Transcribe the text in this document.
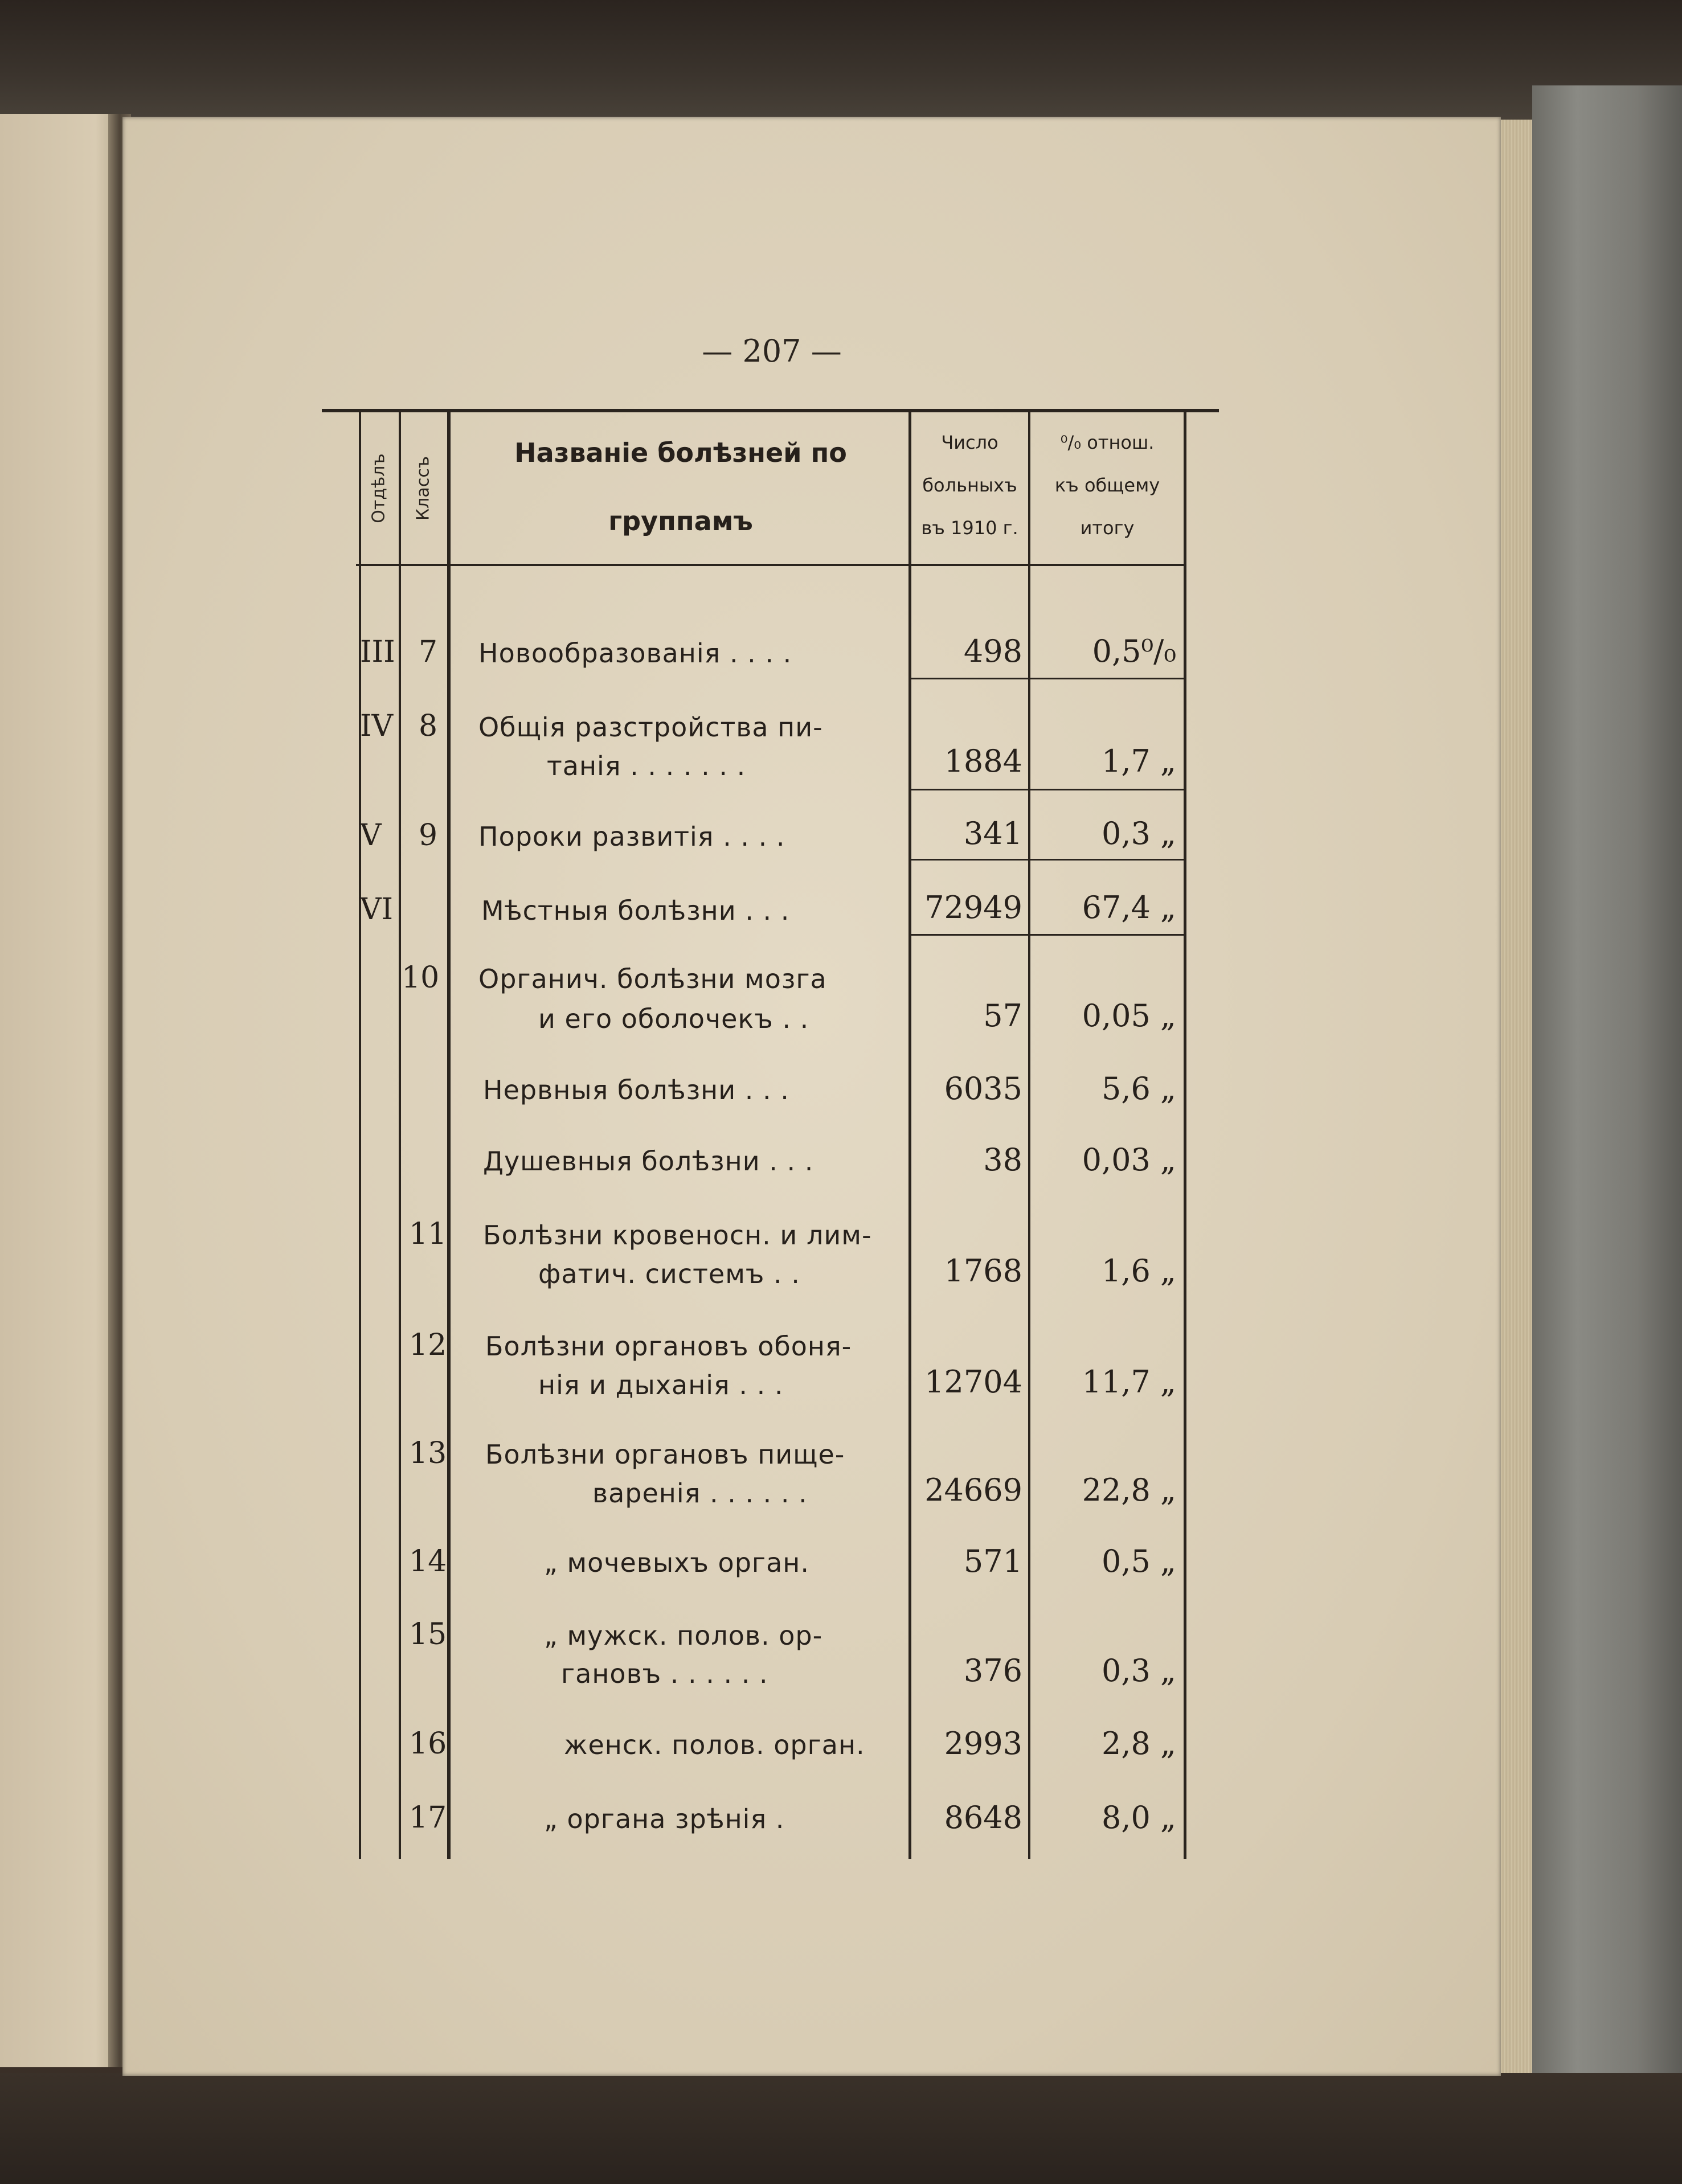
— 207 —
Отдѣлъ Классъ
Названіе болѣзней по
группамъ
Число
больныхъ
въ 1910 г.
⁰/₀ отнош.
къ общему
итогу
III 7 Новообразованія . . . .	498	0,5⁰/₀
IV 8 Общія разстройства пи-
танія . . . . . . .	1884	1,7 „
V 9 Пороки развитія . . . .	341	0,3 „
VI	Мѣстныя болѣзни . . .	72949	67,4 „
10 Органич. болѣзни мозга
и его оболочекъ . .	57	0,05 „
Нервныя болѣзни . . .	6035	5,6 „
Душевныя болѣзни . . .	38	0,03 „
11 Болѣзни кровеносн. и лим-
фатич. системъ . .	1768	1,6 „
12 Болѣзни органовъ обоня-
нія и дыханія . . .	12704	11,7 „
13 Болѣзни органовъ пище-
варенія . . . . . .	24669	22,8 „
14	„ мочевыхъ орган.	571	0,5 „
15	„ мужск. полов. ор-
гановъ . . . . . .	376	0,3 „
16	женск. полов. орган.	2993	2,8 „
17	„ органа зрѣнія .	8648	8,0 „
